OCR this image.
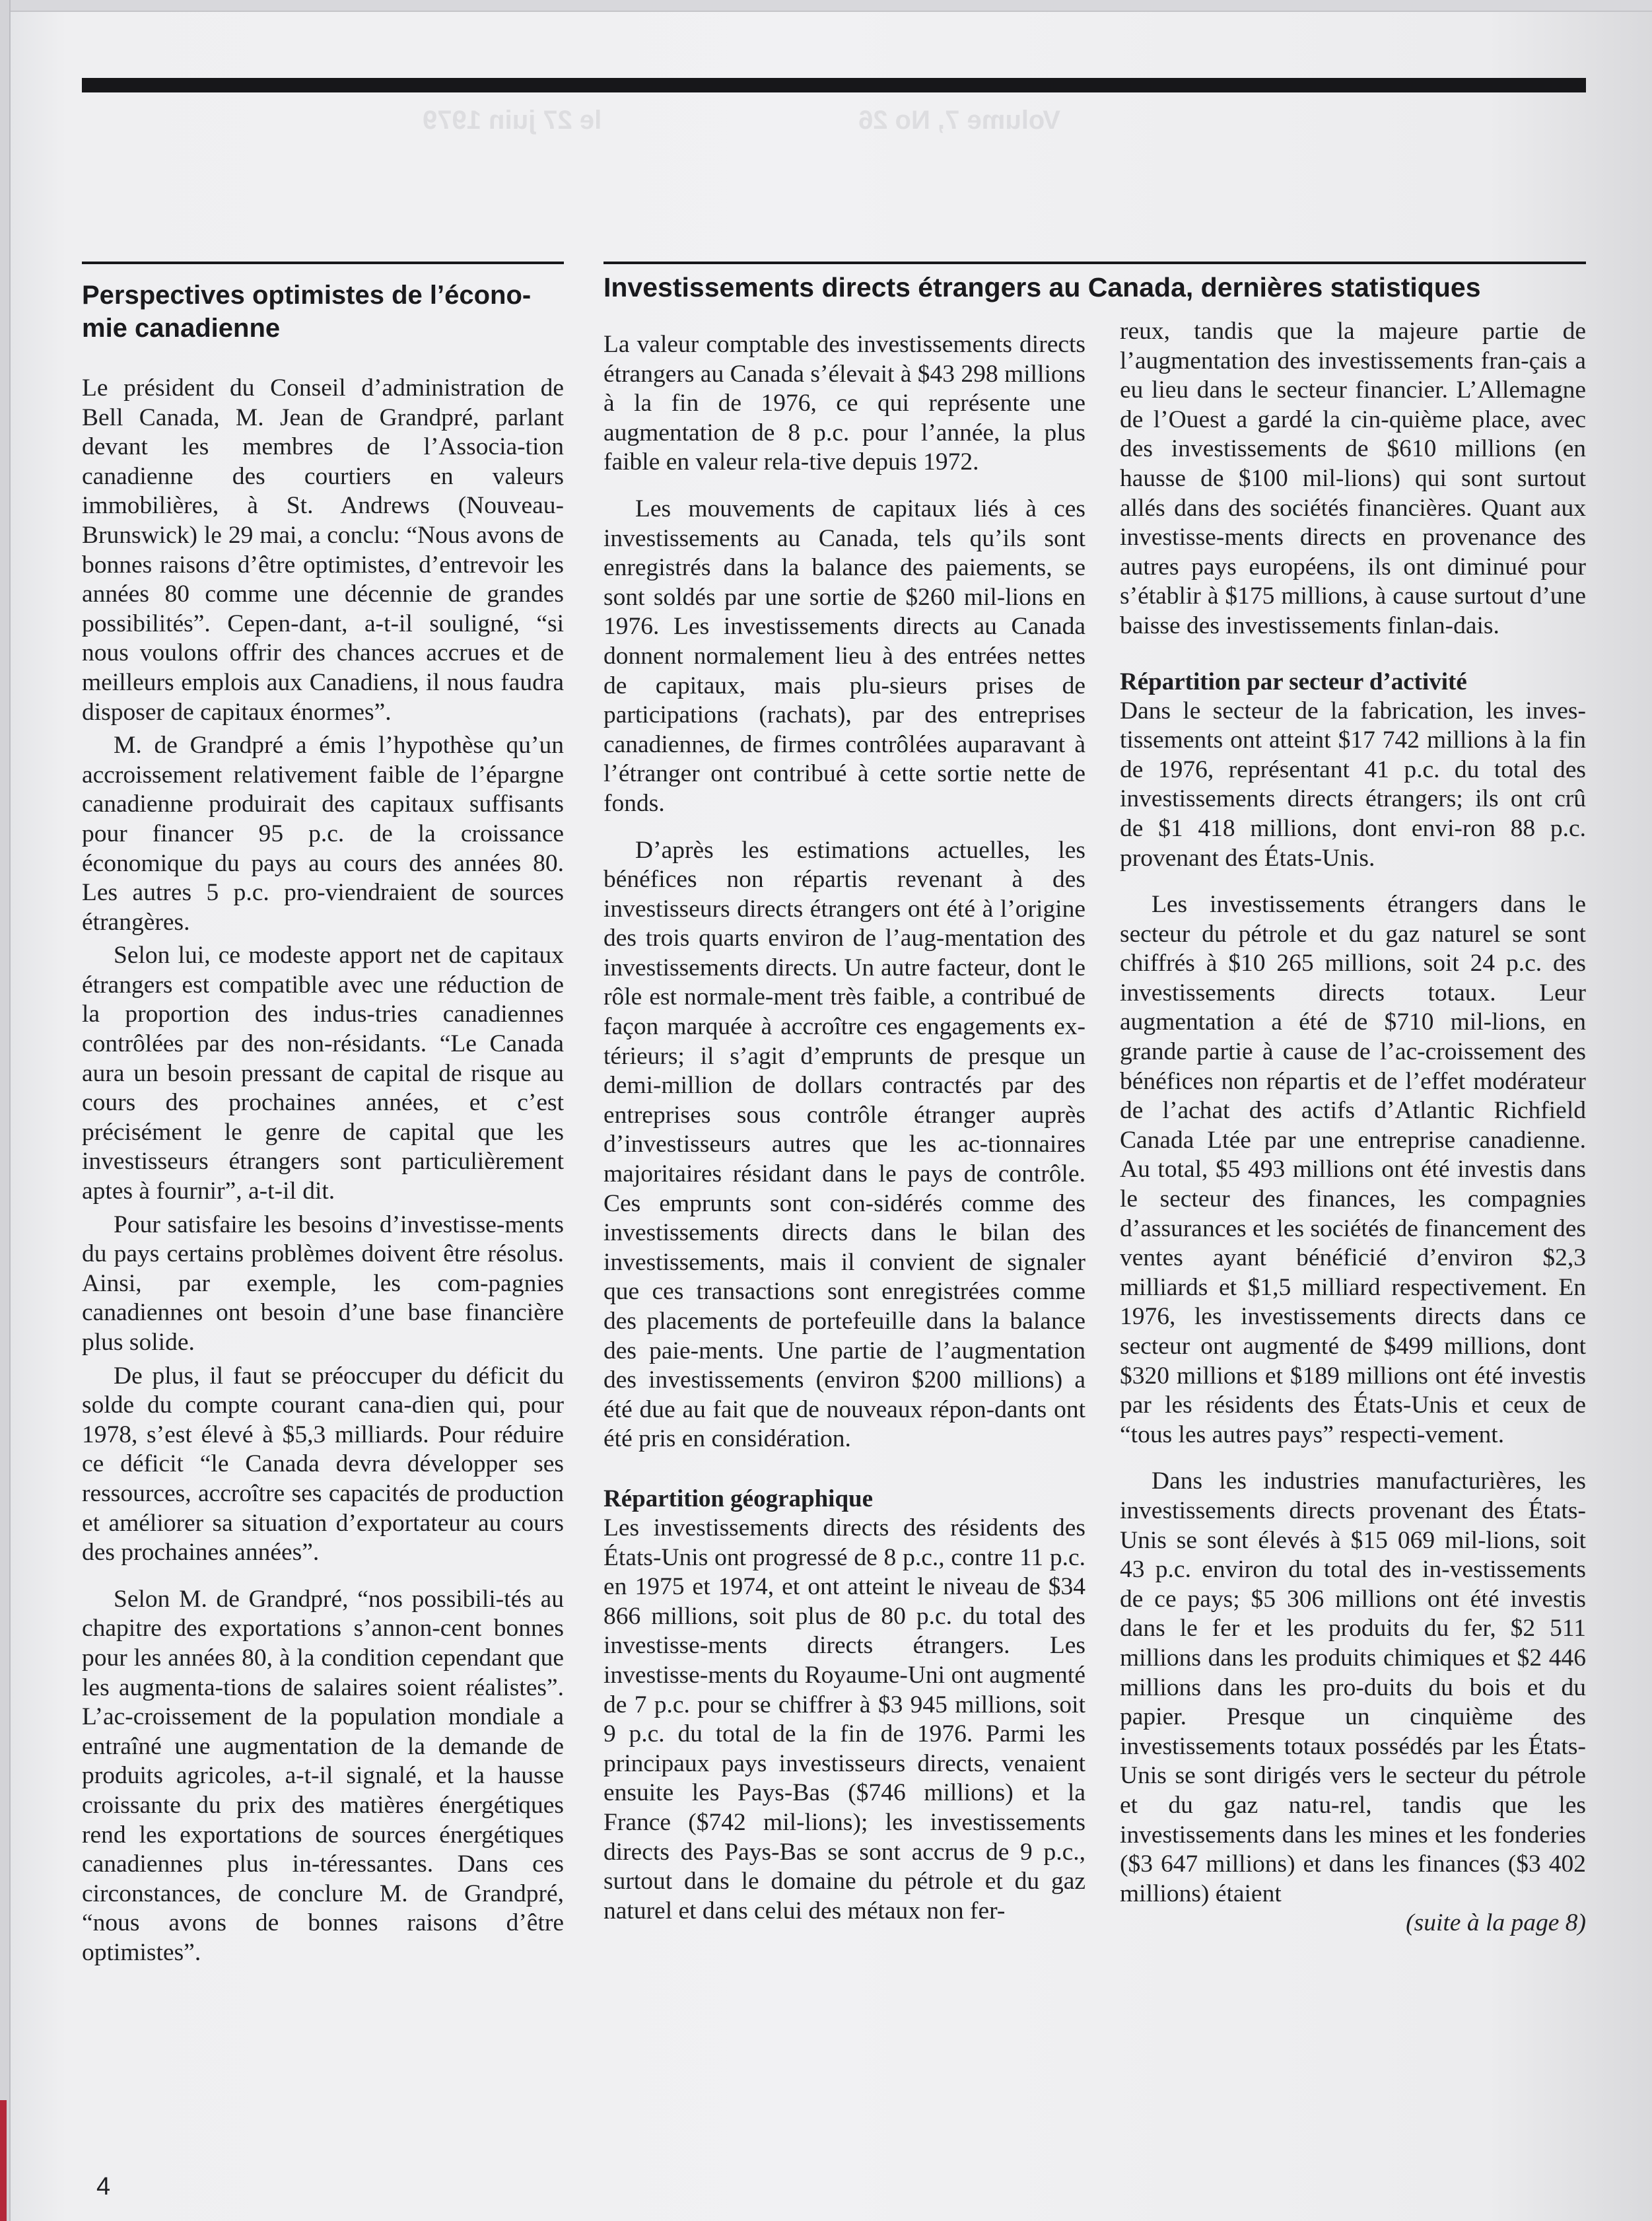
Volume 7, No 26
le 27 juin 1979
Perspectives optimistes de l’écono-mie canadienne

Le président du Conseil d’administration de Bell Canada, M. Jean de Grandpré, parlant devant les membres de l’Associa-tion canadienne des courtiers en valeurs immobilières, à St. Andrews (Nouveau-Brunswick) le 29 mai, a conclu: “Nous avons de bonnes raisons d’être optimistes, d’entrevoir les années 80 comme une décennie de grandes possibilités”. Cepen-dant, a-t-il souligné, “si nous voulons offrir des chances accrues et de meilleurs emplois aux Canadiens, il nous faudra disposer de capitaux énormes”.

M. de Grandpré a émis l’hypothèse qu’un accroissement relativement faible de l’épargne canadienne produirait des capitaux suffisants pour financer 95 p.c. de la croissance économique du pays au cours des années 80. Les autres 5 p.c. pro-viendraient de sources étrangères.

Selon lui, ce modeste apport net de capitaux étrangers est compatible avec une réduction de la proportion des indus-tries canadiennes contrôlées par des non-résidants. “Le Canada aura un besoin pressant de capital de risque au cours des prochaines années, et c’est précisément le genre de capital que les investisseurs étrangers sont particulièrement aptes à fournir”, a-t-il dit.

Pour satisfaire les besoins d’investisse-ments du pays certains problèmes doivent être résolus. Ainsi, par exemple, les com-pagnies canadiennes ont besoin d’une base financière plus solide.

De plus, il faut se préoccuper du déficit du solde du compte courant cana-dien qui, pour 1978, s’est élevé à $5,3 milliards. Pour réduire ce déficit “le Canada devra développer ses ressources, accroître ses capacités de production et améliorer sa situation d’exportateur au cours des prochaines années”.

Selon M. de Grandpré, “nos possibili-tés au chapitre des exportations s’annon-cent bonnes pour les années 80, à la condition cependant que les augmenta-tions de salaires soient réalistes”. L’ac-croissement de la population mondiale a entraîné une augmentation de la demande de produits agricoles, a-t-il signalé, et la hausse croissante du prix des matières énergétiques rend les exportations de sources énergétiques canadiennes plus in-téressantes. Dans ces circonstances, de conclure M. de Grandpré, “nous avons de bonnes raisons d’être optimistes”.

Investissements directs étrangers au Canada, dernières statistiques

La valeur comptable des investissements directs étrangers au Canada s’élevait à $43 298 millions à la fin de 1976, ce qui représente une augmentation de 8 p.c. pour l’année, la plus faible en valeur rela-tive depuis 1972.

Les mouvements de capitaux liés à ces investissements au Canada, tels qu’ils sont enregistrés dans la balance des paiements, se sont soldés par une sortie de $260 mil-lions en 1976. Les investissements directs au Canada donnent normalement lieu à des entrées nettes de capitaux, mais plu-sieurs prises de participations (rachats), par des entreprises canadiennes, de firmes contrôlées auparavant à l’étranger ont contribué à cette sortie nette de fonds.

D’après les estimations actuelles, les bénéfices non répartis revenant à des investisseurs directs étrangers ont été à l’origine des trois quarts environ de l’aug-mentation des investissements directs. Un autre facteur, dont le rôle est normale-ment très faible, a contribué de façon marquée à accroître ces engagements ex-térieurs; il s’agit d’emprunts de presque un demi-million de dollars contractés par des entreprises sous contrôle étranger auprès d’investisseurs autres que les ac-tionnaires majoritaires résidant dans le pays de contrôle. Ces emprunts sont con-sidérés comme des investissements directs dans le bilan des investissements, mais il convient de signaler que ces transactions sont enregistrées comme des placements de portefeuille dans la balance des paie-ments. Une partie de l’augmentation des investissements (environ $200 millions) a été due au fait que de nouveaux répon-dants ont été pris en considération.

Répartition géographique

Les investissements directs des résidents des États-Unis ont progressé de 8 p.c., contre 11 p.c. en 1975 et 1974, et ont atteint le niveau de $34 866 millions, soit plus de 80 p.c. du total des investisse-ments directs étrangers. Les investisse-ments du Royaume-Uni ont augmenté de 7 p.c. pour se chiffrer à $3 945 millions, soit 9 p.c. du total de la fin de 1976. Parmi les principaux pays investisseurs directs, venaient ensuite les Pays-Bas ($746 millions) et la France ($742 mil-lions); les investissements directs des Pays-Bas se sont accrus de 9 p.c., surtout dans le domaine du pétrole et du gaz naturel et dans celui des métaux non fer-

reux, tandis que la majeure partie de l’augmentation des investissements fran-çais a eu lieu dans le secteur financier. L’Allemagne de l’Ouest a gardé la cin-quième place, avec des investissements de $610 millions (en hausse de $100 mil-lions) qui sont surtout allés dans des sociétés financières. Quant aux investisse-ments directs en provenance des autres pays européens, ils ont diminué pour s’établir à $175 millions, à cause surtout d’une baisse des investissements finlan-dais.

Répartition par secteur d’activité

Dans le secteur de la fabrication, les inves-tissements ont atteint $17 742 millions à la fin de 1976, représentant 41 p.c. du total des investissements directs étrangers; ils ont crû de $1 418 millions, dont envi-ron 88 p.c. provenant des États-Unis.

Les investissements étrangers dans le secteur du pétrole et du gaz naturel se sont chiffrés à $10 265 millions, soit 24 p.c. des investissements directs totaux. Leur augmentation a été de $710 mil-lions, en grande partie à cause de l’ac-croissement des bénéfices non répartis et de l’effet modérateur de l’achat des actifs d’Atlantic Richfield Canada Ltée par une entreprise canadienne. Au total, $5 493 millions ont été investis dans le secteur des finances, les compagnies d’assurances et les sociétés de financement des ventes ayant bénéficié d’environ $2,3 milliards et $1,5 milliard respectivement. En 1976, les investissements directs dans ce secteur ont augmenté de $499 millions, dont $320 millions et $189 millions ont été investis par les résidents des États-Unis et ceux de “tous les autres pays” respecti-vement.

Dans les industries manufacturières, les investissements directs provenant des États-Unis se sont élevés à $15 069 mil-lions, soit 43 p.c. environ du total des in-vestissements de ce pays; $5 306 millions ont été investis dans le fer et les produits du fer, $2 511 millions dans les produits chimiques et $2 446 millions dans les pro-duits du bois et du papier. Presque un cinquième des investissements totaux possédés par les États-Unis se sont dirigés vers le secteur du pétrole et du gaz natu-rel, tandis que les investissements dans les mines et les fonderies ($3 647 millions) et dans les finances ($3 402 millions) étaient

(suite à la page 8)
4
